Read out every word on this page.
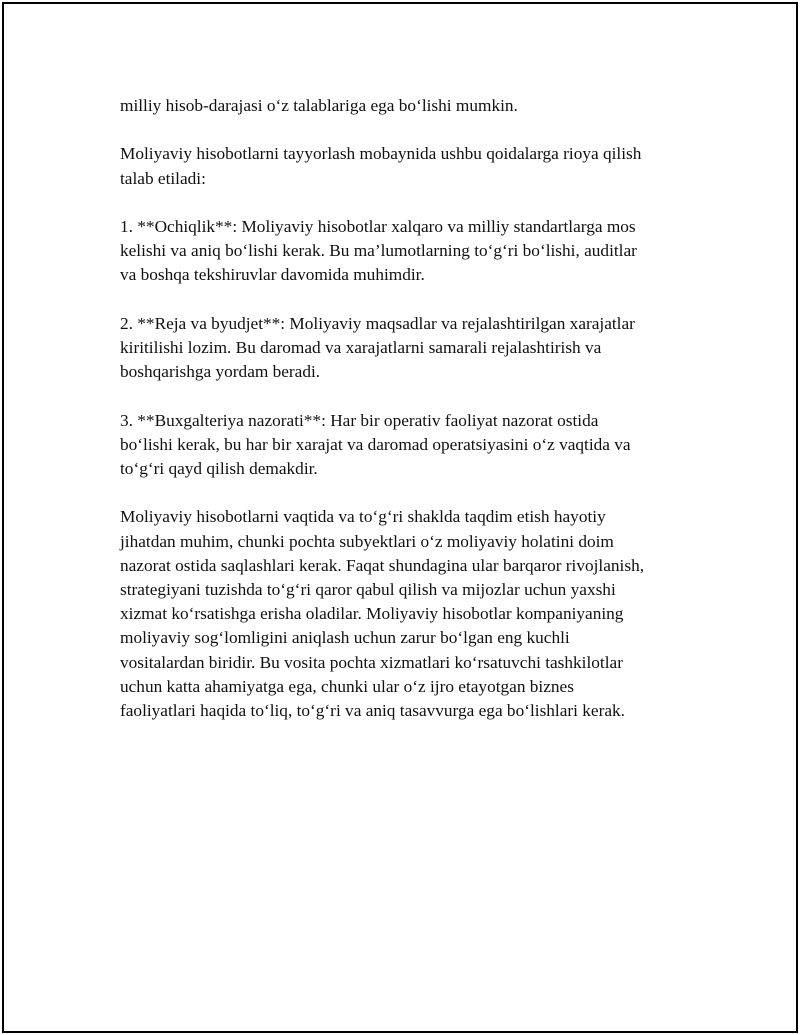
milliy hisob-darajasi o‘z talablariga ega bo‘lishi mumkin.

Moliyaviy hisobotlarni tayyorlash mobaynida ushbu qoidalarga rioya qilish
talab etiladi:

1. **Ochiqlik**: Moliyaviy hisobotlar xalqaro va milliy standartlarga mos
kelishi va aniq bo‘lishi kerak. Bu ma’lumotlarning to‘g‘ri bo‘lishi, auditlar
va boshqa tekshiruvlar davomida muhimdir.

2. **Reja va byudjet**: Moliyaviy maqsadlar va rejalashtirilgan xarajatlar
kiritilishi lozim. Bu daromad va xarajatlarni samarali rejalashtirish va
boshqarishga yordam beradi.

3. **Buxgalteriya nazorati**: Har bir operativ faoliyat nazorat ostida
bo‘lishi kerak, bu har bir xarajat va daromad operatsiyasini o‘z vaqtida va
to‘g‘ri qayd qilish demakdir.

Moliyaviy hisobotlarni vaqtida va to‘g‘ri shaklda taqdim etish hayotiy
jihatdan muhim, chunki pochta subyektlari o‘z moliyaviy holatini doim
nazorat ostida saqlashlari kerak. Faqat shundagina ular barqaror rivojlanish,
strategiyani tuzishda to‘g‘ri qaror qabul qilish va mijozlar uchun yaxshi
xizmat ko‘rsatishga erisha oladilar. Moliyaviy hisobotlar kompaniyaning
moliyaviy sog‘lomligini aniqlash uchun zarur bo‘lgan eng kuchli
vositalardan biridir. Bu vosita pochta xizmatlari ko‘rsatuvchi tashkilotlar
uchun katta ahamiyatga ega, chunki ular o‘z ijro etayotgan biznes
faoliyatlari haqida to‘liq, to‘g‘ri va aniq tasavvurga ega bo‘lishlari kerak.
